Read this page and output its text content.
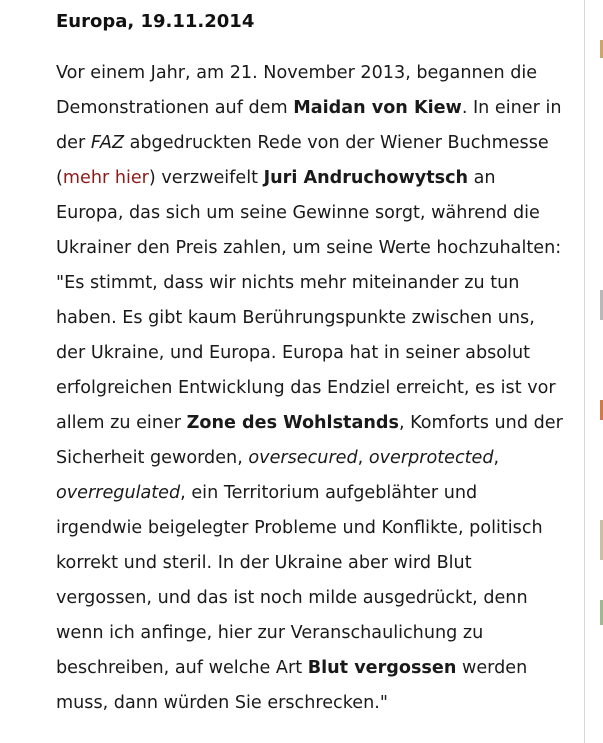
Europa, 19.11.2014
Vor einem Jahr, am 21. November 2013, begannen die
Demonstrationen auf dem Maidan von Kiew. In einer in
der FAZ abgedruckten Rede von der Wiener Buchmesse
(mehr hier) verzweifelt Juri Andruchowytsch an
Europa, das sich um seine Gewinne sorgt, während die
Ukrainer den Preis zahlen, um seine Werte hochzuhalten:
"Es stimmt, dass wir nichts mehr miteinander zu tun
haben. Es gibt kaum Berührungspunkte zwischen uns,
der Ukraine, und Europa. Europa hat in seiner absolut
erfolgreichen Entwicklung das Endziel erreicht, es ist vor
allem zu einer Zone des Wohlstands, Komforts und der
Sicherheit geworden, oversecured, overprotected,
overregulated, ein Territorium aufgeblähter und
irgendwie beigelegter Probleme und Konflikte, politisch
korrekt und steril. In der Ukraine aber wird Blut
vergossen, und das ist noch milde ausgedrückt, denn
wenn ich anfinge, hier zur Veranschaulichung zu
beschreiben, auf welche Art Blut vergossen werden
muss, dann würden Sie erschrecken."
